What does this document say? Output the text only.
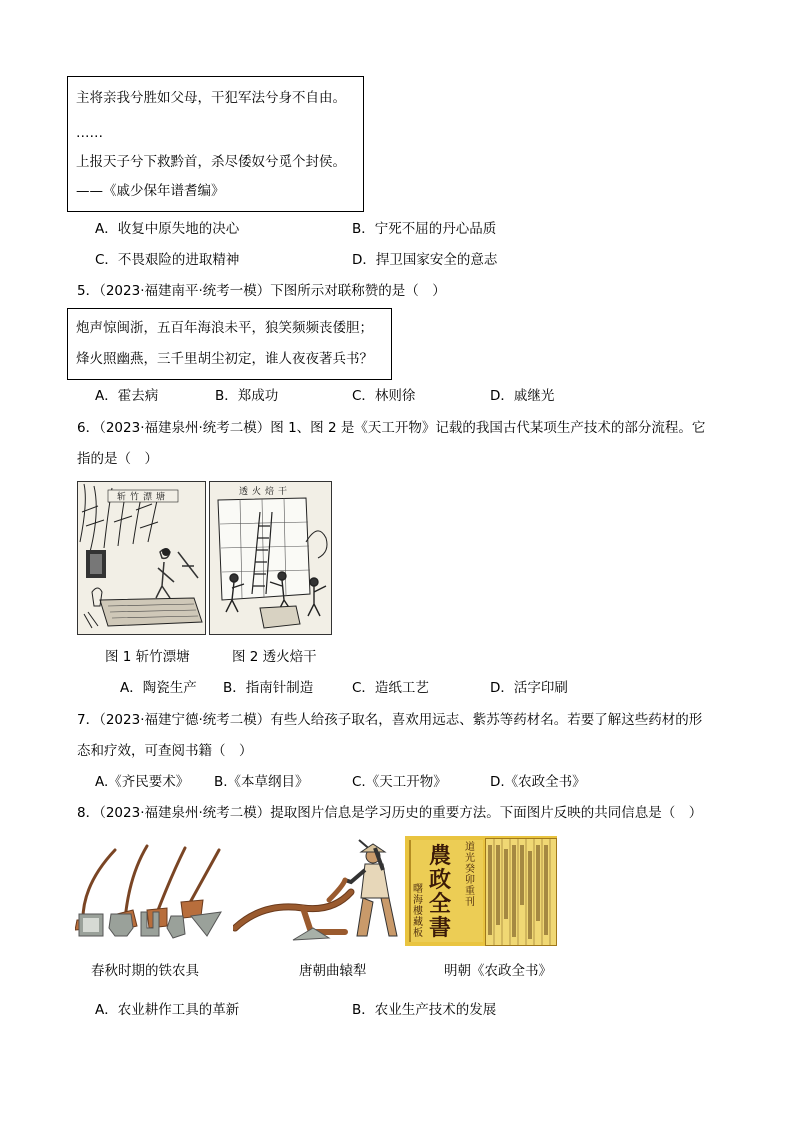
主将亲我兮胜如父母，干犯军法兮身不自由。
……
上报天子兮下救黔首，杀尽倭奴兮觅个封侯。
——《戚少保年谱耆编》
A．收复中原失地的决心	B．宁死不屈的丹心品质
C．不畏艰险的进取精神	D．捍卫国家安全的意志
5．（2023·福建南平·统考一模）下图所示对联称赞的是（　）
炮声惊闽浙，五百年海浪未平，狼笑频频丧倭胆；
烽火照幽燕，三千里胡尘初定，谁人夜夜著兵书？
A．霍去病	B．郑成功	C．林则徐	D．戚继光
6．（2023·福建泉州·统考二模）图 1、图 2 是《天工开物》记载的我国古代某项生产技术的部分流程。它
指的是（　）
斩竹漂塘
透火焙干
图 1 斩竹漂塘	图 2 透火焙干
A．陶瓷生产 B．指南针制造	C．造纸工艺	D．活字印刷
7．（2023·福建宁德·统考二模）有些人给孩子取名，喜欢用远志、紫苏等药材名。若要了解这些药材的形
态和疗效，可查阅书籍（　）
A.《齐民要术》 B.《本草纲目》	C.《天工开物》	D.《农政全书》
8．（2023·福建泉州·统考二模）提取图片信息是学习历史的重要方法。下面图片反映的共同信息是（　）
農政全書
道光癸卯重刊
曙海樓藏板
春秋时期的铁农具	唐朝曲辕犁	明朝《农政全书》
A．农业耕作工具的革新	B．农业生产技术的发展
